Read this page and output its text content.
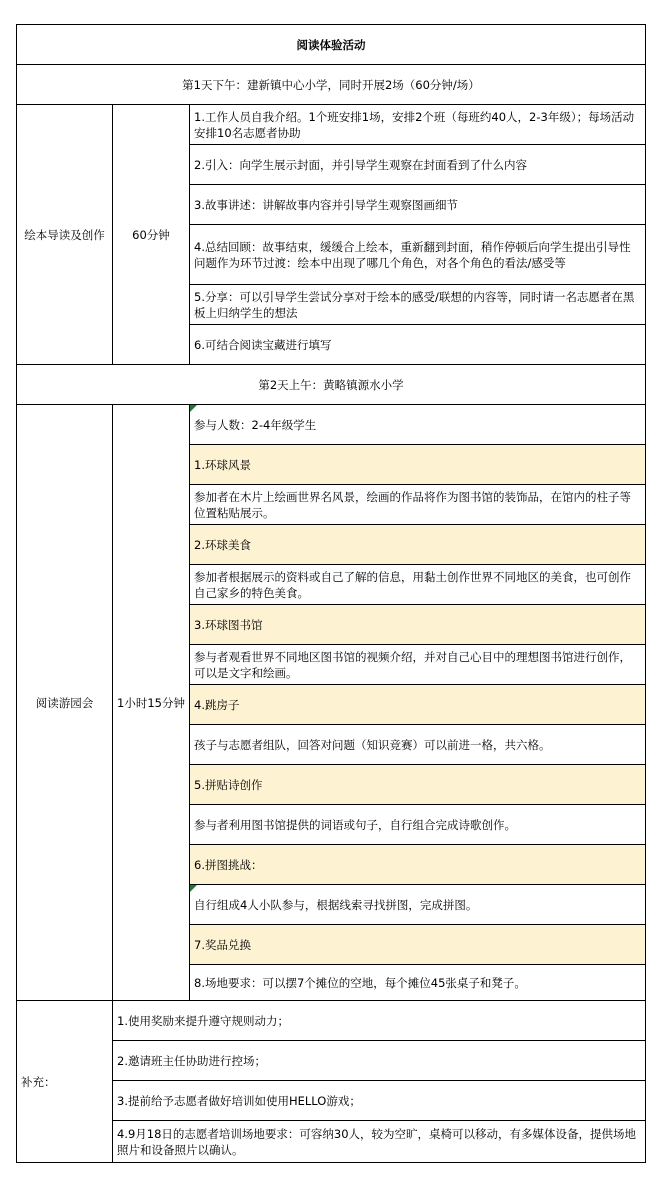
阅读体验活动		
第1天下午：建新镇中心小学，同时开展2场（60分钟/场）		
绘本导读及创作	60分钟	1.工作人员自我介绍。1个班安排1场，安排2个班（每班约40人，2-3年级）；每场活动安排10名志愿者协助
		2.引入：向学生展示封面，并引导学生观察在封面看到了什么内容
		3.故事讲述：讲解故事内容并引导学生观察图画细节
		4.总结回顾：故事结束，缓缓合上绘本，重新翻到封面，稍作停顿后向学生提出引导性问题作为环节过渡：绘本中出现了哪几个角色，对各个角色的看法/感受等
		5.分享：可以引导学生尝试分享对于绘本的感受/联想的内容等，同时请一名志愿者在黑板上归纳学生的想法
		6.可结合阅读宝藏进行填写
第2天上午：黄略镇源水小学		
阅读游园会	1小时15分钟	参与人数：2-4年级学生
		1.环球风景
		参加者在木片上绘画世界名风景，绘画的作品将作为图书馆的装饰品，在馆内的柱子等位置粘贴展示。
		2.环球美食
		参加者根据展示的资料或自己了解的信息，用黏土创作世界不同地区的美食，也可创作自己家乡的特色美食。
		3.环球图书馆
		参与者观看世界不同地区图书馆的视频介绍，并对自己心目中的理想图书馆进行创作，可以是文字和绘画。
		4.跳房子
		孩子与志愿者组队，回答对问题（知识竞赛）可以前进一格，共六格。
		5.拼贴诗创作
		参与者利用图书馆提供的词语或句子，自行组合完成诗歌创作。
		6.拼图挑战：
		自行组成4人小队参与，根据线索寻找拼图，完成拼图。
		7.奖品兑换
		8.场地要求：可以摆7个摊位的空地，每个摊位45张桌子和凳子。
补充：	1.使用奖励来提升遵守规则动力；	
	2.邀请班主任协助进行控场；	
	3.提前给予志愿者做好培训如使用HELLO游戏；	
	4.9月18日的志愿者培训场地要求：可容纳30人，较为空旷，桌椅可以移动，有多媒体设备，提供场地照片和设备照片以确认。	
